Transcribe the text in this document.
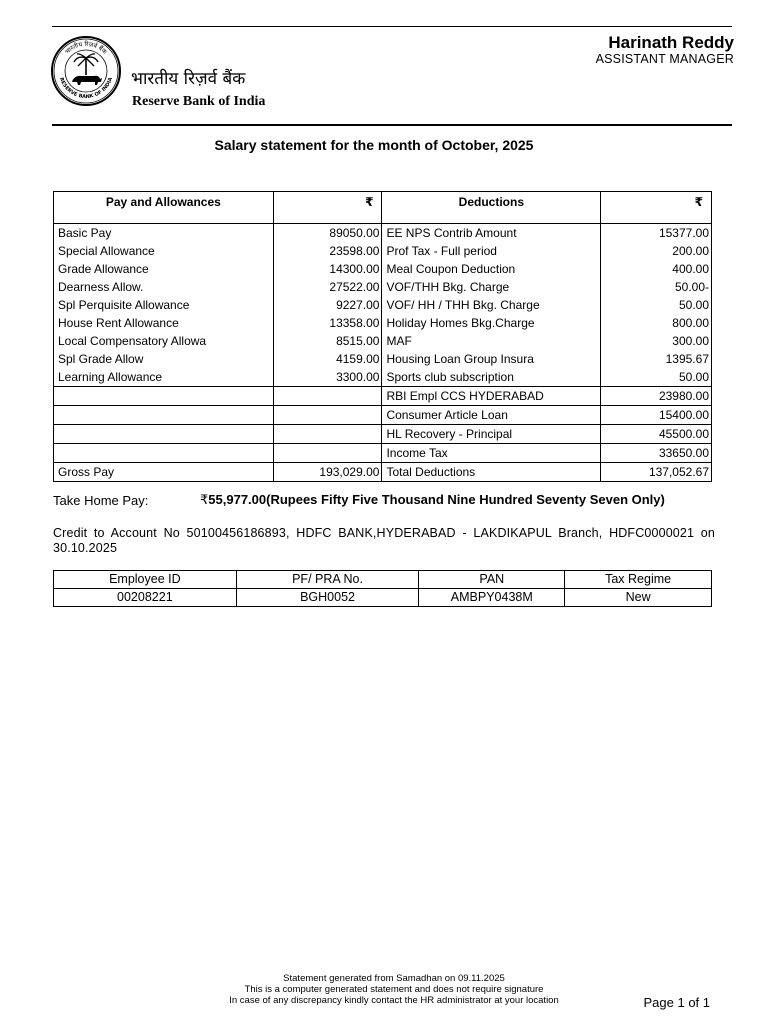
भारतीय रिज़र्व बैंक
RESERVE BANK OF INDIA भारतीय रिज़र्व बैंक
Reserve Bank of India
Harinath Reddy
ASSISTANT MANAGER
Salary statement for the month of October, 2025
Pay and Allowances	₹	Deductions	₹
Basic Pay	89050.00	EE NPS Contrib Amount	15377.00
Special Allowance	23598.00	Prof Tax - Full period	200.00
Grade Allowance	14300.00	Meal Coupon Deduction	400.00
Dearness Allow.	27522.00	VOF/THH Bkg. Charge	50.00-
Spl Perquisite Allowance	9227.00	VOF/ HH / THH Bkg. Charge	50.00
House Rent Allowance	13358.00	Holiday Homes Bkg.Charge	800.00
Local Compensatory Allowa	8515.00	MAF	300.00
Spl Grade Allow	4159.00	Housing Loan Group Insura	1395.67
Learning Allowance	3300.00	Sports club subscription	50.00
		RBI Empl CCS HYDERABAD	23980.00
		Consumer Article Loan	15400.00
		HL Recovery - Principal	45500.00
		Income Tax	33650.00
Gross Pay	193,029.00	Total Deductions	137,052.67
Take Home Pay:	₹55,977.00(Rupees Fifty Five Thousand Nine Hundred Seventy Seven Only)
Credit to Account No 50100456186893, HDFC BANK,HYDERABAD - LAKDIKAPUL Branch, HDFC0000021 on 30.10.2025
Employee ID	PF/ PRA No.	PAN	Tax Regime
00208221	BGH0052	AMBPY0438M	New
Statement generated from Samadhan on 09.11.2025
This is a computer generated statement and does not require signature
In case of any discrepancy kindly contact the HR administrator at your location	Page 1 of 1
